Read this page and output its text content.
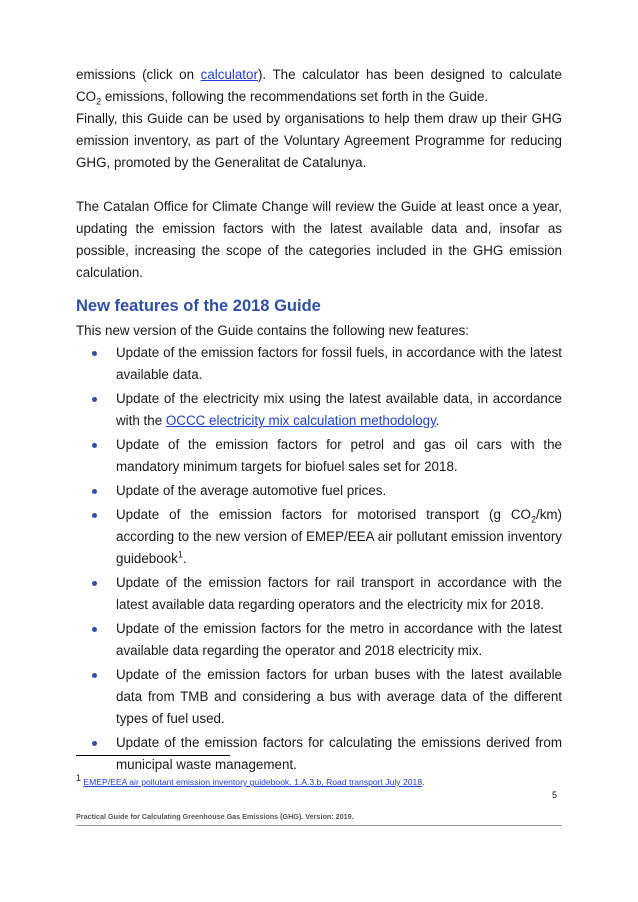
emissions (click on calculator). The calculator has been designed to calculate $CO_2$ emissions, following the recommendations set forth in the Guide.

Finally, this Guide can be used by organisations to help them draw up their GHG emission inventory, as part of the Voluntary Agreement Programme for reducing GHG, promoted by the Generalitat de Catalunya.

The Catalan Office for Climate Change will review the Guide at least once a year, updating the emission factors with the latest available data and, insofar as possible, increasing the scope of the categories included in the GHG emission calculation.

New features of the 2018 Guide

This new version of the Guide contains the following new features:

Update of the emission factors for fossil fuels, in accordance with the latest available data.
Update of the electricity mix using the latest available data, in accordance with the OCCC electricity mix calculation methodology.
Update of the emission factors for petrol and gas oil cars with the mandatory minimum targets for biofuel sales set for 2018.
Update of the average automotive fuel prices.
Update of the emission factors for motorised transport (g $CO_2/km$) according to the new version of EMEP/EEA air pollutant emission inventory guidebook$^1$.
Update of the emission factors for rail transport in accordance with the latest available data regarding operators and the electricity mix for 2018.
Update of the emission factors for the metro in accordance with the latest available data regarding the operator and 2018 electricity mix.
Update of the emission factors for urban buses with the latest available data from TMB and considering a bus with average data of the different types of fuel used.
Update of the emission factors for calculating the emissions derived from municipal waste management.
$^1$ EMEP/EEA air pollutant emission inventory guidebook. 1.A.3.b, Road transport July 2018.
5
Practical Guide for Calculating Greenhouse Gas Emissions (GHG). Version: 2019.
